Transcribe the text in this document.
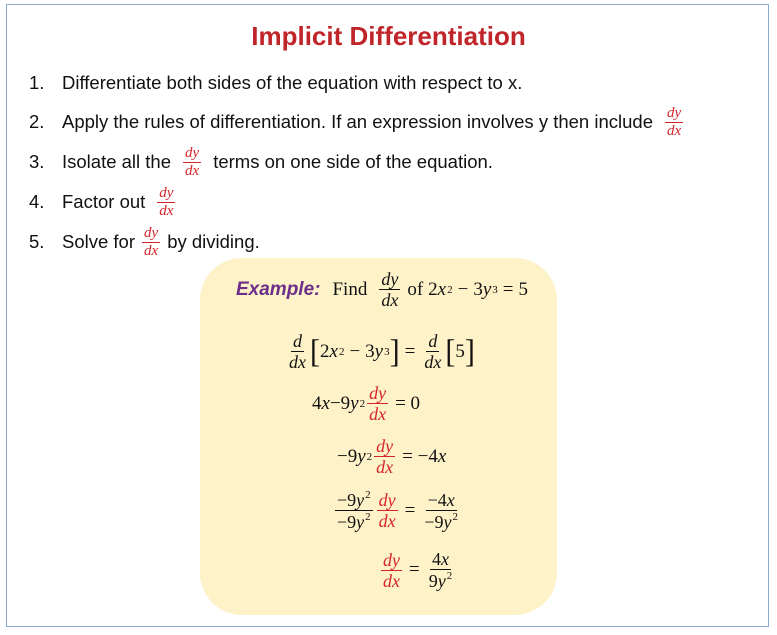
Implicit Differentiation
1. Differentiate both sides of the equation with respect to x.
2. Apply the rules of differentiation. If an expression involves y then include $\frac{dy}{dx}$
3. Isolate all the $\frac{dy}{dx}$ terms on one side of the equation.
4. Factor out $\frac{dy}{dx}$
5. Solve for $\frac{dy}{dx}$ by dividing.
Example: Find $\frac{dy}{dx}$ of 2 x 2 − 3 y 3 = 5
$\frac{d}{dx}$ [ 2 x 2 − 3 y 3 ] = $\frac{d}{dx}$ [ 5 ]
4 x −9 y $2 \frac{dy}{dx} = 0$
−9 y $2 \frac{dy}{dx} = -4$ x
$\frac{-9y^2}{-9y^2} \frac{dy}{dx} = \frac{-4x}{-9y^2}$
$\frac{dy}{dx} = \frac{4x}{9y^2}$
